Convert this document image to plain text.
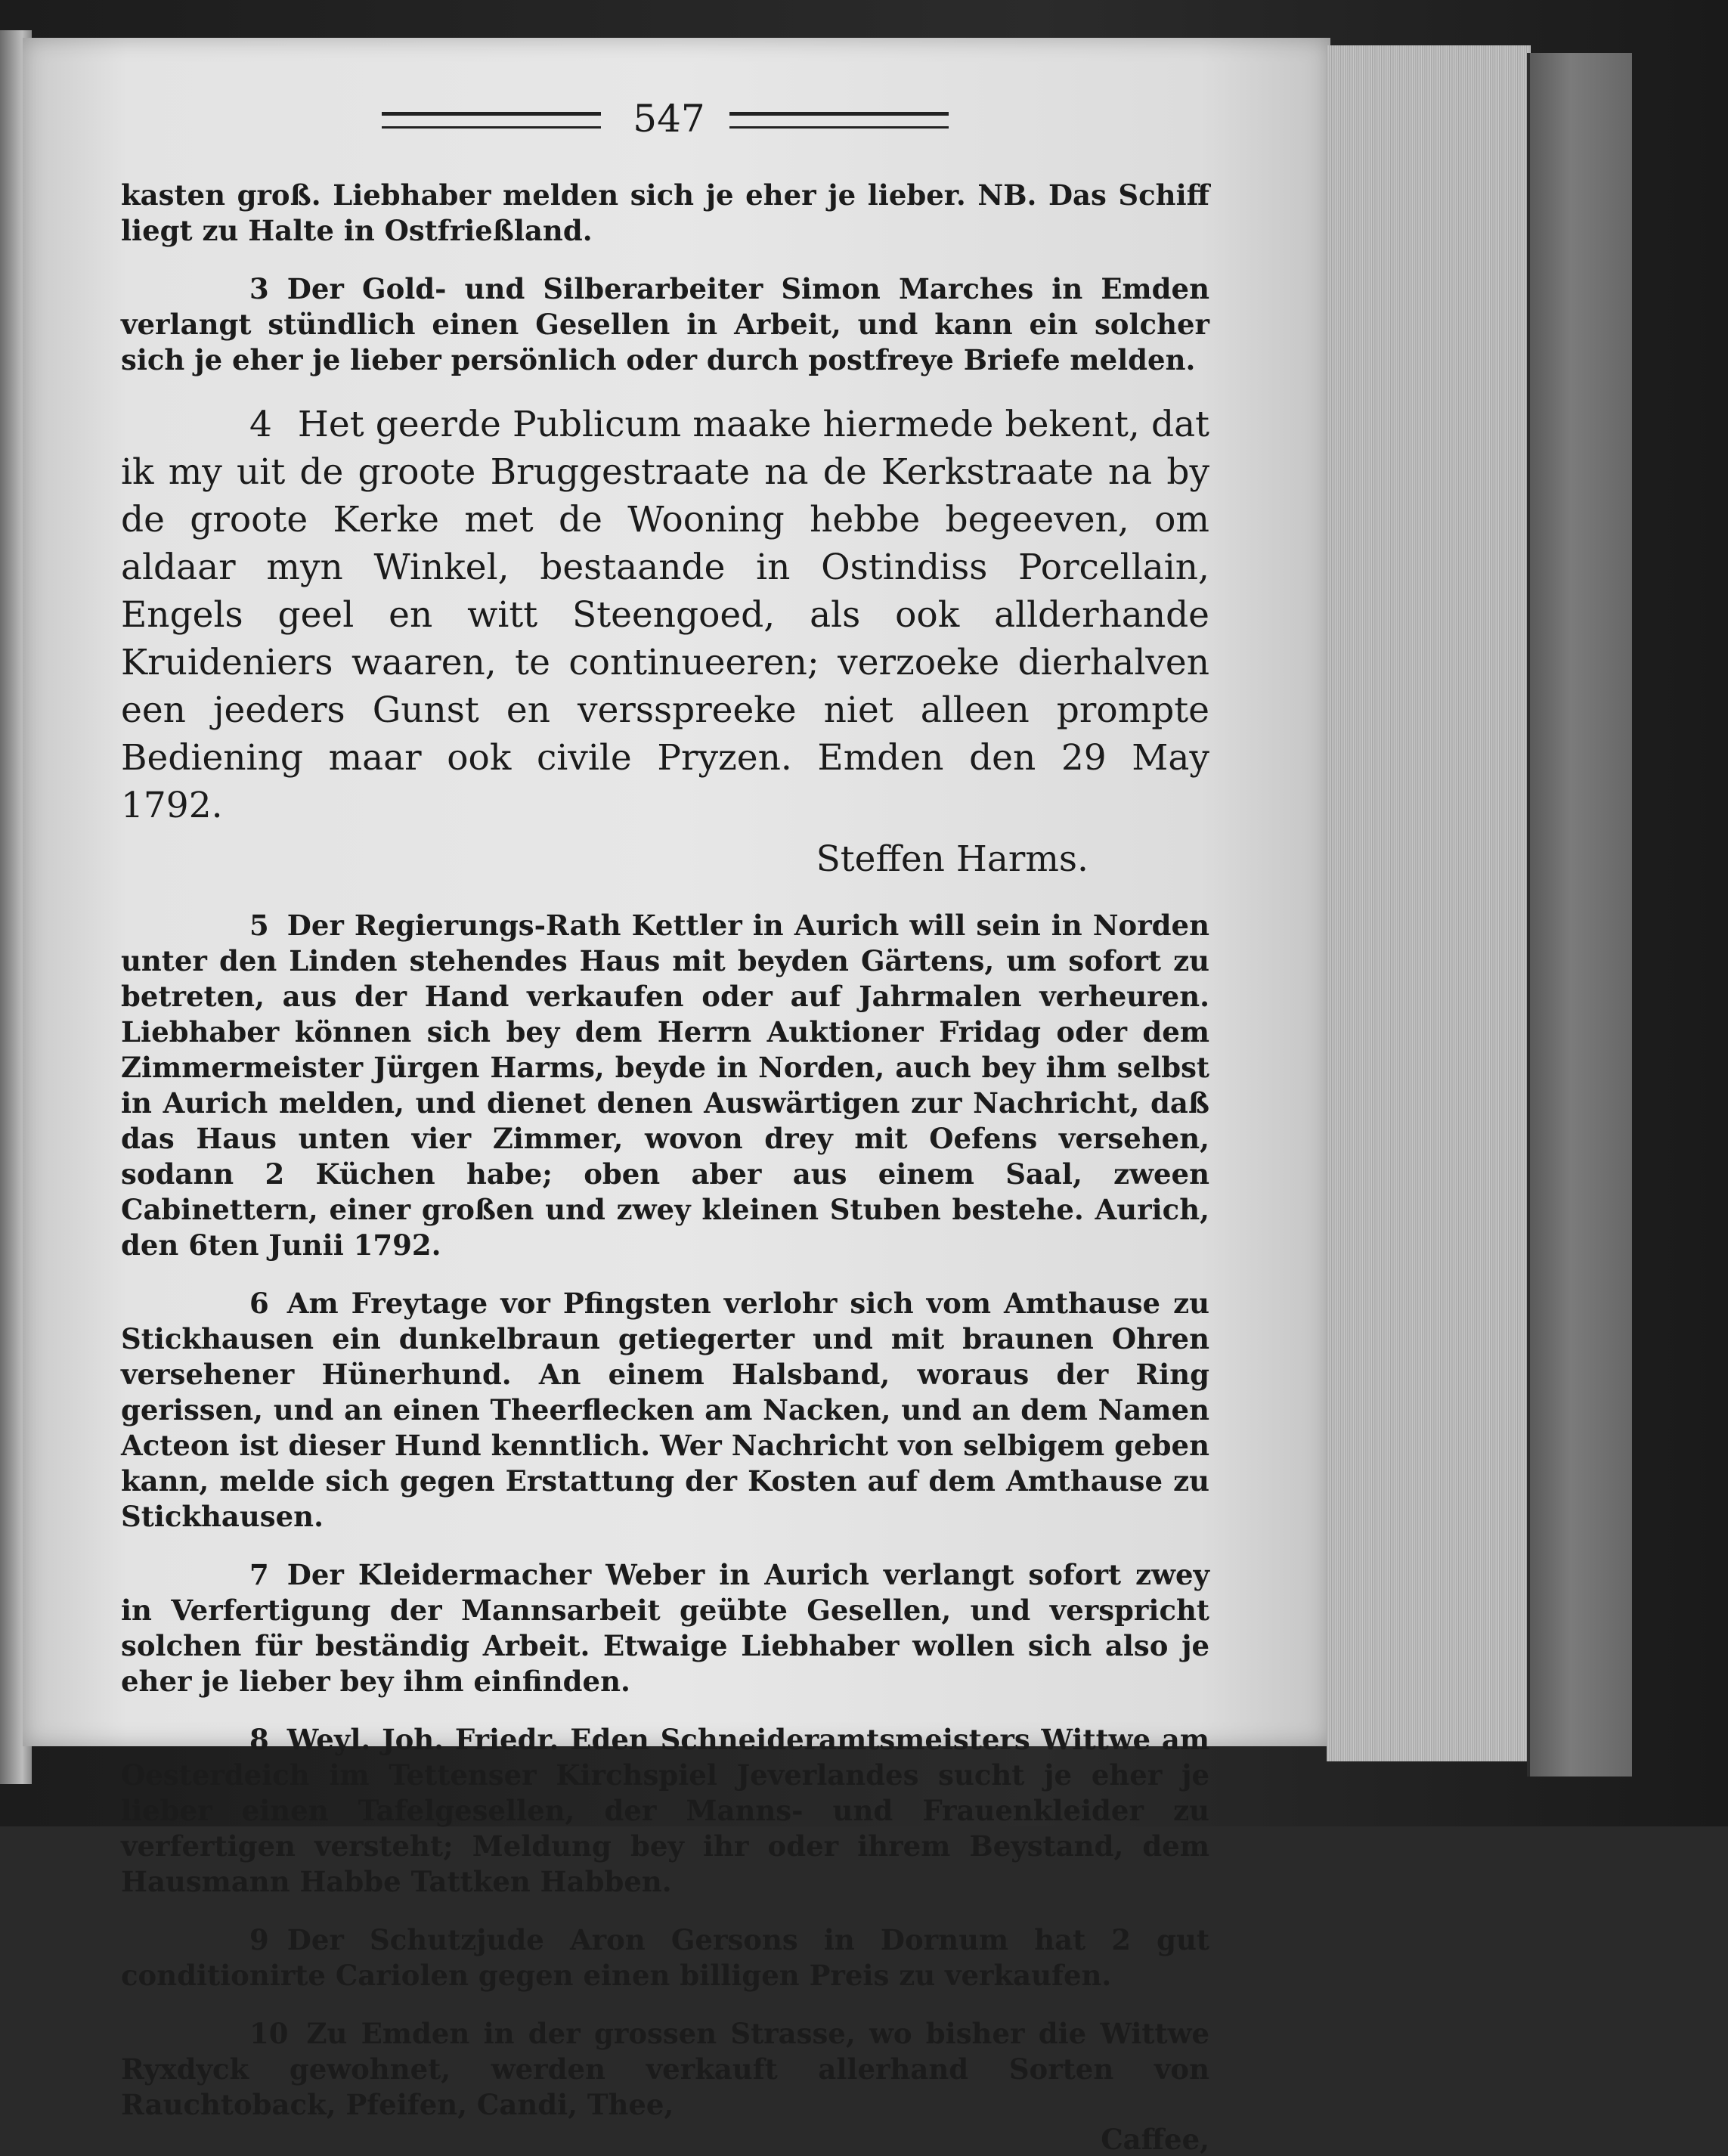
547

kasten groß. Liebhaber melden sich je eher je lieber. NB. Das Schiff liegt zu Halte in Ostfrießland.

3 Der Gold- und Silberarbeiter Simon Marches in Emden verlangt stündlich einen Gesellen in Arbeit, und kann ein solcher sich je eher je lieber persönlich oder durch postfreye Briefe melden.

4 Het geerde Publicum maake hiermede bekent, dat ik my uit de groote Bruggestraate na de Kerkstraate na by de groote Kerke met de Wooning hebbe begeeven, om aldaar myn Winkel, bestaande in Ostindiss Porcellain, Engels geel en witt Steengoed, als ook allderhande Kruideniers waaren, te continueeren; verzoeke dierhalven een jeeders Gunst en versspreeke niet alleen prompte Bediening maar ook civile Pryzen. Emden den 29 May 1792.

Steffen Harms.

5 Der Regierungs-Rath Kettler in Aurich will sein in Norden unter den Linden stehendes Haus mit beyden Gärtens, um sofort zu betreten, aus der Hand verkaufen oder auf Jahrmalen verheuren. Liebhaber können sich bey dem Herrn Auktioner Fridag oder dem Zimmermeister Jürgen Harms, beyde in Norden, auch bey ihm selbst in Aurich melden, und dienet denen Auswärtigen zur Nachricht, daß das Haus unten vier Zimmer, wovon drey mit Oefens versehen, sodann 2 Küchen habe; oben aber aus einem Saal, zween Cabinettern, einer großen und zwey kleinen Stuben bestehe. Aurich, den 6ten Junii 1792.

6 Am Freytage vor Pfingsten verlohr sich vom Amthause zu Stickhausen ein dunkelbraun getiegerter und mit braunen Ohren versehener Hünerhund. An einem Halsband, woraus der Ring gerissen, und an einen Theerflecken am Nacken, und an dem Namen Acteon ist dieser Hund kenntlich. Wer Nachricht von selbigem geben kann, melde sich gegen Erstattung der Kosten auf dem Amthause zu Stickhausen.

7 Der Kleidermacher Weber in Aurich verlangt sofort zwey in Verfertigung der Mannsarbeit geübte Gesellen, und verspricht solchen für beständig Arbeit. Etwaige Liebhaber wollen sich also je eher je lieber bey ihm einfinden.

8 Weyl. Joh. Friedr. Eden Schneideramtsmeisters Wittwe am Oesterdeich im Tettenser Kirchspiel Jeverlandes sucht je eher je lieber einen Tafelgesellen, der Manns- und Frauenkleider zu verfertigen versteht; Meldung bey ihr oder ihrem Beystand, dem Hausmann Habbe Tattken Habben.

9 Der Schutzjude Aron Gersons in Dornum hat 2 gut conditionirte Cariolen gegen einen billigen Preis zu verkaufen.

10 Zu Emden in der grossen Strasse, wo bisher die Wittwe Ryxdyck gewohnet, werden verkauft allerhand Sorten von Rauchtoback, Pfeifen, Candi, Thee,

Caffee,
